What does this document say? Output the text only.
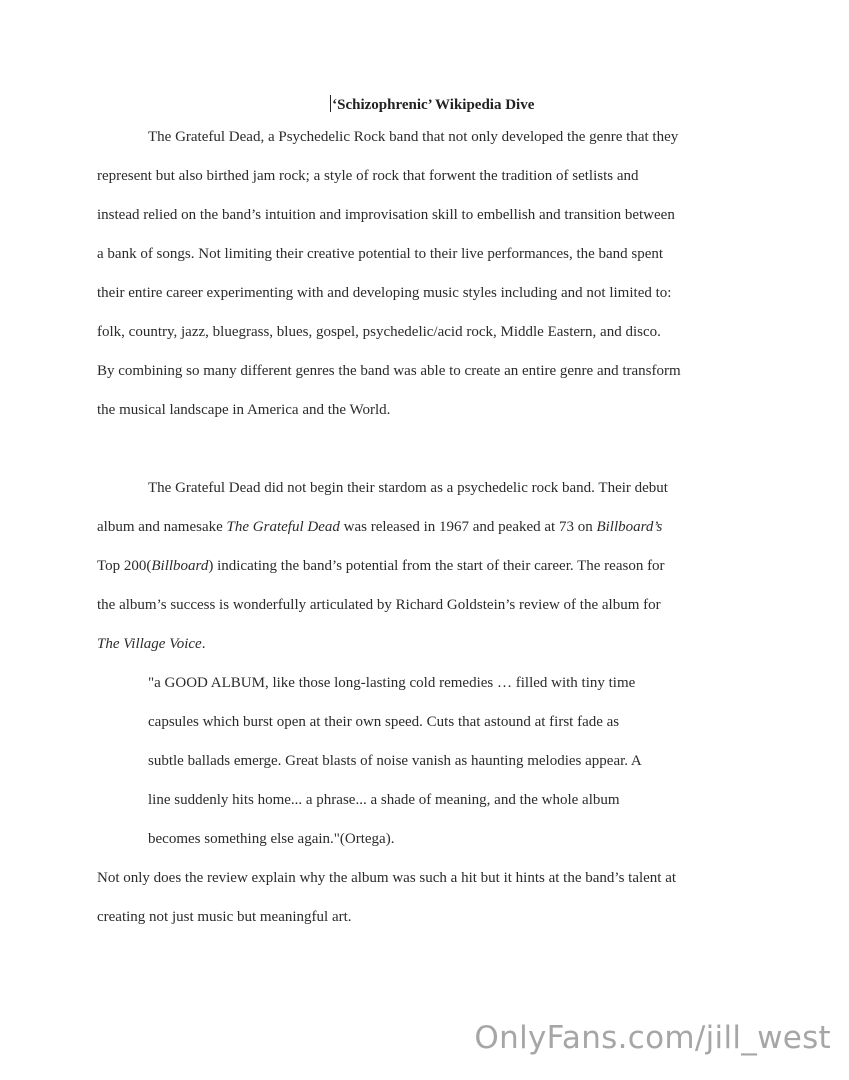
‘Schizophrenic’ Wikipedia Dive

The Grateful Dead, a Psychedelic Rock band that not only developed the genre that they
represent but also birthed jam rock; a style of rock that forwent the tradition of setlists and
instead relied on the band’s intuition and improvisation skill to embellish and transition between
a bank of songs. Not limiting their creative potential to their live performances, the band spent
their entire career experimenting with and developing music styles including and not limited to:
folk, country, jazz, bluegrass, blues, gospel, psychedelic/acid rock, Middle Eastern, and disco.
By combining so many different genres the band was able to create an entire genre and transform
the musical landscape in America and the World.

The Grateful Dead did not begin their stardom as a psychedelic rock band. Their debut
album and namesake The Grateful Dead was released in 1967 and peaked at 73 on Billboard’s
Top 200(Billboard) indicating the band’s potential from the start of their career. The reason for
the album’s success is wonderfully articulated by Richard Goldstein’s review of the album for
The Village Voice.

"a GOOD ALBUM, like those long-lasting cold remedies … filled with tiny time
capsules which burst open at their own speed. Cuts that astound at first fade as
subtle ballads emerge. Great blasts of noise vanish as haunting melodies appear. A
line suddenly hits home... a phrase... a shade of meaning, and the whole album
becomes something else again."(Ortega).

Not only does the review explain why the album was such a hit but it hints at the band’s talent at
creating not just music but meaningful art.

OnlyFans.com/jill_west
